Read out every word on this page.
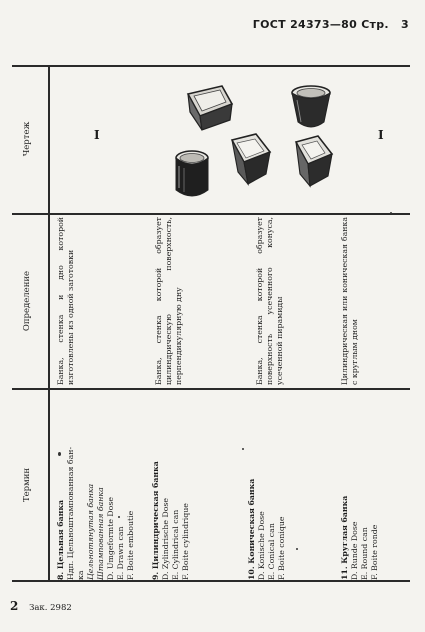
ГОСТ 24373—80 Стр. 3
Термин
Определение
Чертеж
8. Цельная банка Ндп. Цельноштампованная бан- ка Цельнотянутая банка Штампованная банка D. Umgeformte Dose E. Drawn can F. Boite emboutie
Банка, стенка и дно которой изготовлены из одной заготовки
9. Цилиндрическая банка D. Zylindrische Dose E. Cylindrical can F. Boite cylindrique
Банка, стенка которой образует цилиндрическую поверхность, перпендикулярную дну
10. Коническая банка D. Konische Dose E. Conical can F. Boite conique
Банка, стенка которой образует поверхность усеченного конуса, усеченной пирамиды
11. Круглая банка D. Runde Dose E. Round can F. Boite ronde
Цилиндрическая или коническая банка с круглым дном
I	I
2 Зак. 2982
